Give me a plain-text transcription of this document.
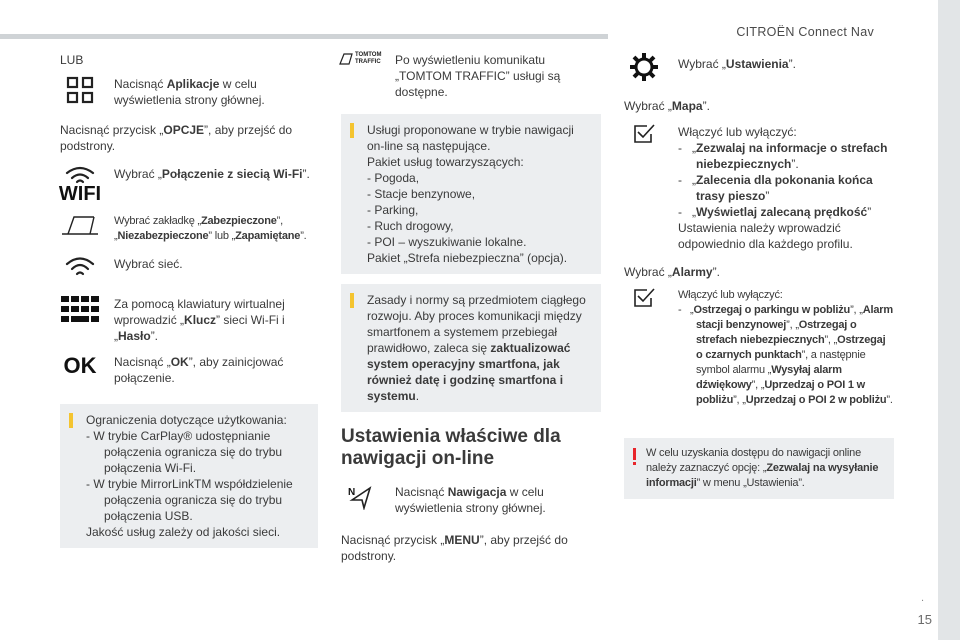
CITROËN Connect Nav
.
15
LUB
Nacisnąć Aplikacje w celu wyświetlenia strony głównej.
Nacisnąć przycisk „OPCJE”, aby przejść do podstrony.
WIFI
Wybrać „Połączenie z siecią Wi-Fi”.
Wybrać zakładkę „Zabezpieczone”, „Niezabezpieczone” lub „Zapamiętane”.
Wybrać sieć.
Za pomocą klawiatury wirtualnej wprowadzić „Klucz” sieci Wi-Fi i „Hasło”.
OK Nacisnąć „OK”, aby zainicjować połączenie.
Ograniczenia dotyczące użytkowania:
- W trybie CarPlay® udostępnianie połączenia ogranicza się do trybu połączenia Wi-Fi.
- W trybie MirrorLinkTM współdzielenie połączenia ogranicza się do trybu połączenia USB.
Jakość usług zależy od jakości sieci.
TOMTOM TRAFFIC Po wyświetleniu komunikatu „TOMTOM TRAFFIC” usługi są dostępne.
Usługi proponowane w trybie nawigacji on-line są następujące.
Pakiet usług towarzyszących:
- Pogoda,
- Stacje benzynowe,
- Parking,
- Ruch drogowy,
- POI – wyszukiwanie lokalne.
Pakiet „Strefa niebezpieczna” (opcja).
Zasady i normy są przedmiotem ciągłego rozwoju. Aby proces komunikacji między smartfonem a systemem przebiegał prawidłowo, zaleca się zaktualizować system operacyjny smartfona, jak również datę i godzinę smartfona i systemu.
Ustawienia właściwe dla nawigacji on-line
N	Nacisnąć Nawigacja w celu wyświetlenia strony głównej.
Nacisnąć przycisk „MENU”, aby przejść do podstrony.
Wybrać „Ustawienia”.
Wybrać „Mapa”.
Włączyć lub wyłączyć:
-   „Zezwalaj na informacje o strefach niebezpiecznych”.
-   „Zalecenia dla pokonania końca trasy pieszo”
-   „Wyświetlaj zalecaną prędkość”
Ustawienia należy wprowadzić odpowiednio dla każdego profilu.
Wybrać „Alarmy”.
Włączyć lub wyłączyć:
-   „Ostrzegaj o parkingu w pobliżu”, „Alarm stacji benzynowej”, „Ostrzegaj o strefach niebezpiecznych”, „Ostrzegaj o czarnych punktach”, a następnie symbol alarmu „Wysyłaj alarm dźwiękowy”, „Uprzedzaj o POI 1 w pobliżu”, „Uprzedzaj o POI 2 w pobliżu”.
W celu uzyskania dostępu do nawigacji online należy zaznaczyć opcję: „Zezwalaj na wysyłanie informacji” w menu „Ustawienia”.
